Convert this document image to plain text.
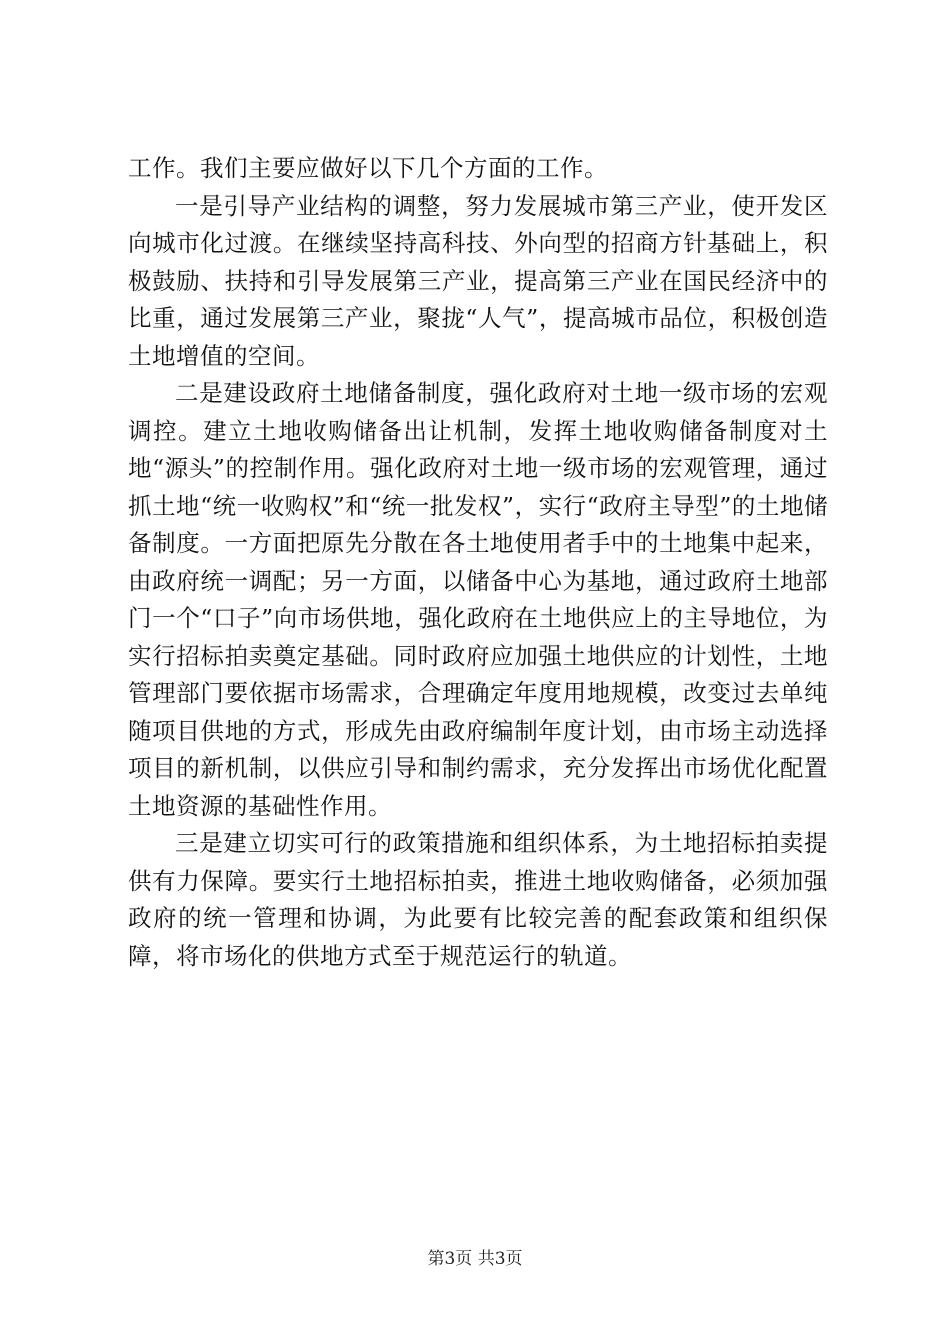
工作。我们主要应做好以下几个方面的工作。

一是引导产业结构的调整，努力发展城市第三产业，使开发区向城市化过渡。在继续坚持高科技、外向型的招商方针基础上，积极鼓励、扶持和引导发展第三产业，提高第三产业在国民经济中的比重，通过发展第三产业，聚拢“人气”，提高城市品位，积极创造土地增值的空间。

二是建设政府土地储备制度，强化政府对土地一级市场的宏观调控。建立土地收购储备出让机制，发挥土地收购储备制度对土地“源头”的控制作用。强化政府对土地一级市场的宏观管理，通过抓土地“统一收购权”和“统一批发权”，实行“政府主导型”的土地储备制度。一方面把原先分散在各土地使用者手中的土地集中起来，由政府统一调配；另一方面，以储备中心为基地，通过政府土地部门一个“口子”向市场供地，强化政府在土地供应上的主导地位，为实行招标拍卖奠定基础。同时政府应加强土地供应的计划性，土地管理部门要依据市场需求，合理确定年度用地规模，改变过去单纯随项目供地的方式，形成先由政府编制年度计划，由市场主动选择项目的新机制，以供应引导和制约需求，充分发挥出市场优化配置土地资源的基础性作用。

三是建立切实可行的政策措施和组织体系，为土地招标拍卖提供有力保障。要实行土地招标拍卖，推进土地收购储备，必须加强政府的统一管理和协调，为此要有比较完善的配套政策和组织保障，将市场化的供地方式至于规范运行的轨道。

第3页 共3页
